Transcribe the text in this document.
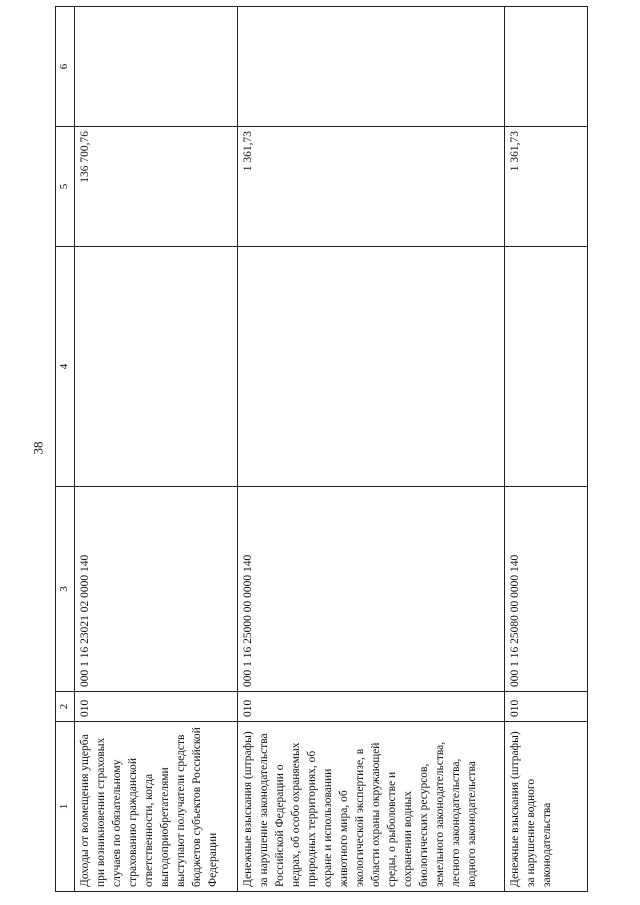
38
1	2	3	4	5	6
Доходы от возмещения ущерба при возникновении страховых случаев по обязательному страхованию гражданской ответственности, когда выгодоприобретателями выступают получатели средств бюджетов субъектов Российской Федерации	010	000 1 16 23021 02 0000 140		136 700,76	
Денежные взыскания (штрафы) за нарушение законодательства Российской Федерации о недрах, об особо охраняемых природных территориях, об охране и использовании животного мира, об экологической экспертизе, в области охраны окружающей среды, о рыболовстве и сохранении водных биологических ресурсов, земельного законодательства, лесного законодательства, водного законодательства	010	000 1 16 25000 00 0000 140		1 361,73	
Денежные взыскания (штрафы) за нарушение водного законодательства	010	000 1 16 25080 00 0000 140		1 361,73	
